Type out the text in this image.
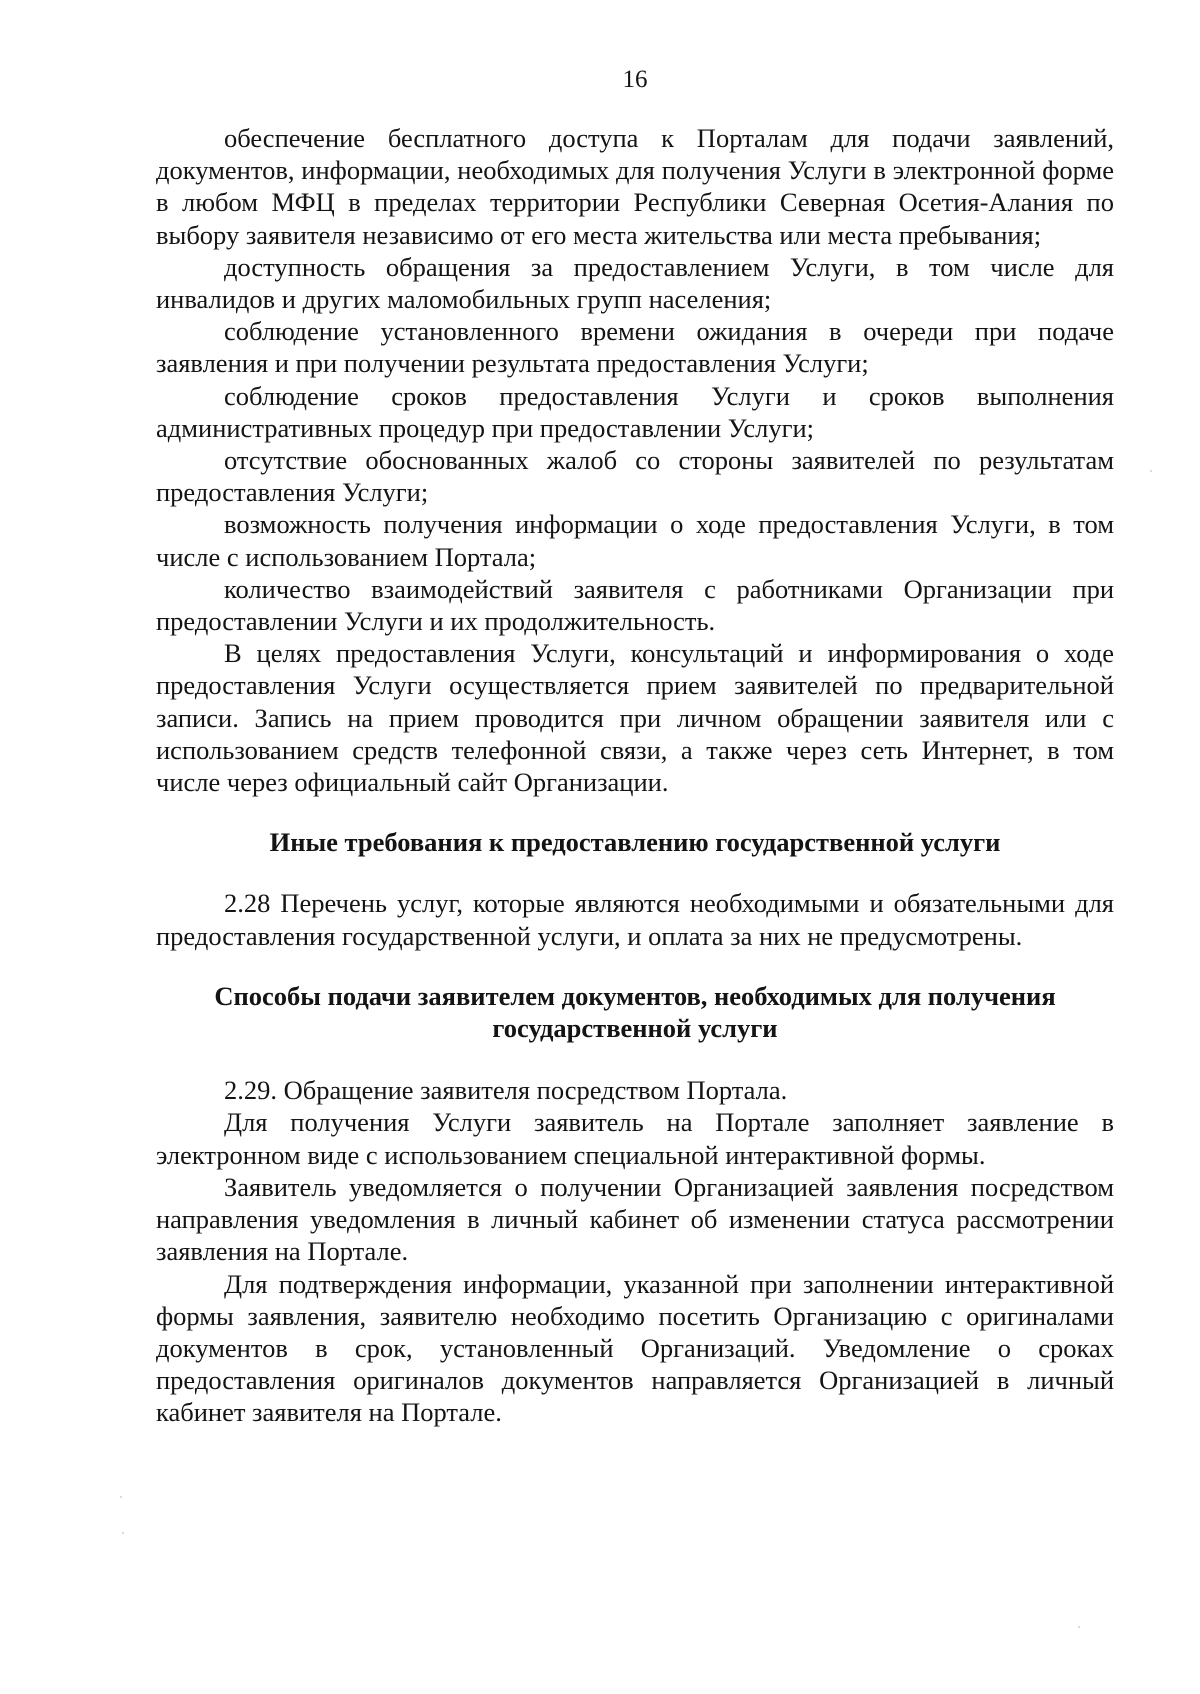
16

обеспечение бесплатного доступа к Порталам для подачи заявлений, документов, информации, необходимых для получения Услуги в электронной форме в любом МФЦ в пределах территории Республики Северная Осетия-Алания по выбору заявителя независимо от его места жительства или места пребывания;

доступность обращения за предоставлением Услуги, в том числе для инвалидов и других маломобильных групп населения;

соблюдение установленного времени ожидания в очереди при подаче заявления и при получении результата предоставления Услуги;

соблюдение сроков предоставления Услуги и сроков выполнения административных процедур при предоставлении Услуги;

отсутствие обоснованных жалоб со стороны заявителей по результатам предоставления Услуги;

возможность получения информации о ходе предоставления Услуги, в том числе с использованием Портала;

количество взаимодействий заявителя с работниками Организации при предоставлении Услуги и их продолжительность.

В целях предоставления Услуги, консультаций и информирования о ходе предоставления Услуги осуществляется прием заявителей по предварительной записи. Запись на прием проводится при личном обращении заявителя или с использованием средств телефонной связи, а также через сеть Интернет, в том числе через официальный сайт Организации.

Иные требования к предоставлению государственной услуги

2.28 Перечень услуг, которые являются необходимыми и обязательными для предоставления государственной услуги, и оплата за них не предусмотрены.

Способы подачи заявителем документов, необходимых для получения
государственной услуги

2.29. Обращение заявителя посредством Портала.

Для получения Услуги заявитель на Портале заполняет заявление в электронном виде с использованием специальной интерактивной формы.

Заявитель уведомляется о получении Организацией заявления посредством направления уведомления в личный кабинет об изменении статуса рассмотрении заявления на Портале.

Для подтверждения информации, указанной при заполнении интерактивной формы заявления, заявителю необходимо посетить Организацию с оригиналами документов в срок, установленный Организаций. Уведомление о сроках предоставления оригиналов документов направляется Организацией в личный кабинет заявителя на Портале.
